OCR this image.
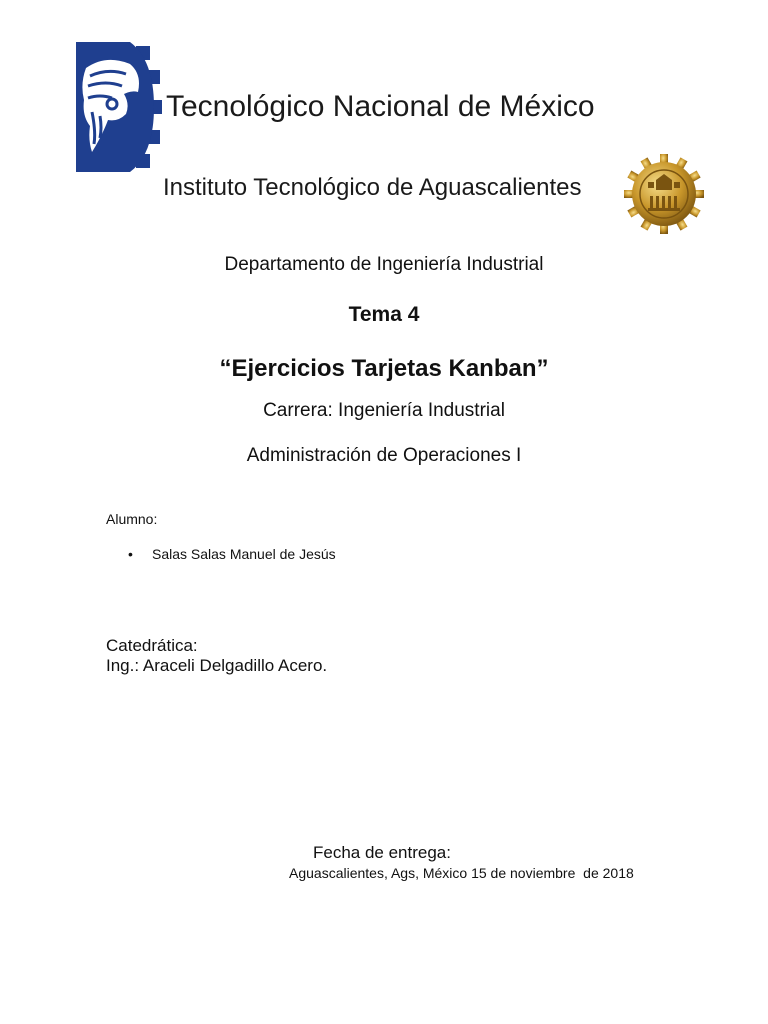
Tecnológico Nacional de México
Instituto Tecnológico de Aguascalientes
Departamento de Ingeniería Industrial
Tema 4
“Ejercicios Tarjetas Kanban”
Carrera: Ingeniería Industrial
Administración de Operaciones I
Alumno:
• Salas Salas Manuel de Jesús
Catedrática:
Ing.: Araceli Delgadillo Acero.
Fecha de entrega:
Aguascalientes, Ags, México 15 de noviembre  de 2018
